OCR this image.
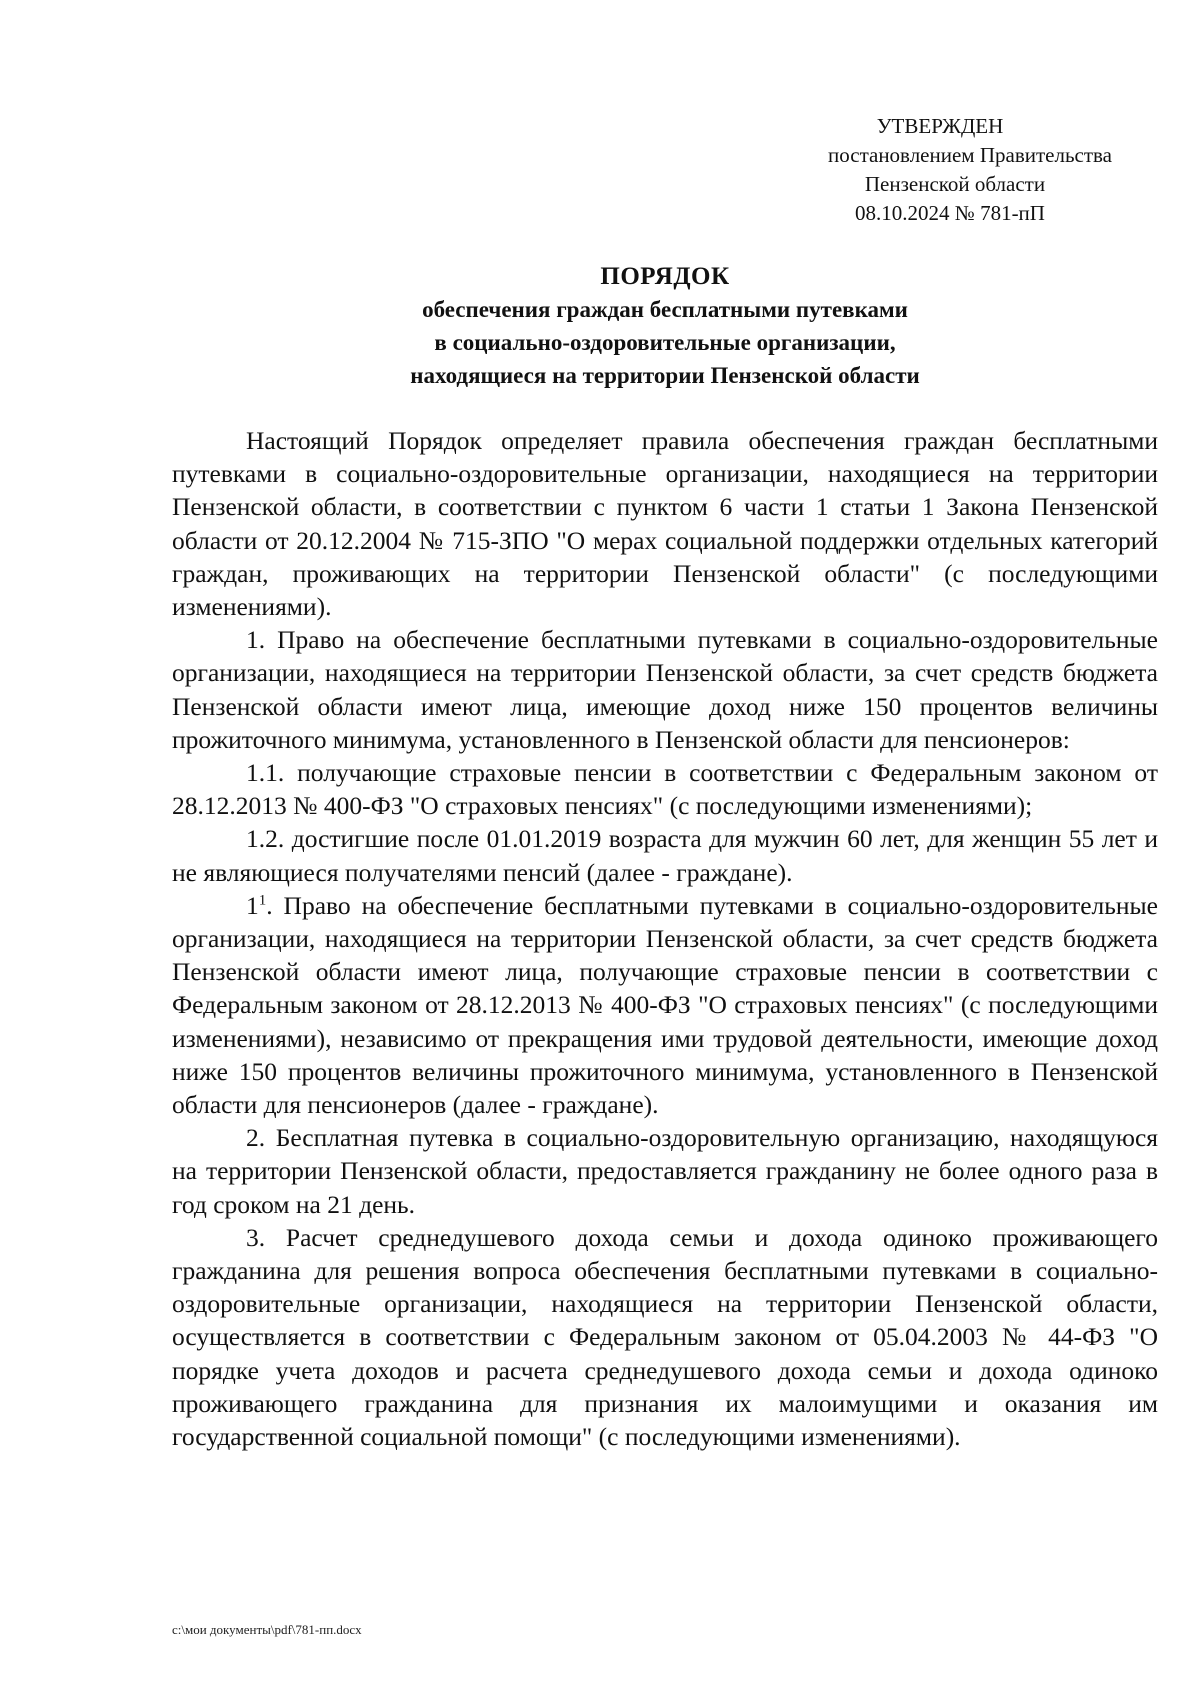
УТВЕРЖДЕН
постановлением Правительства
Пензенской области
08.10.2024 № 781-пП
ПОРЯДОК
обеспечения граждан бесплатными путевками
в социально-оздоровительные организации,
находящиеся на территории Пензенской области

Настоящий Порядок определяет правила обеспечения граждан бесплатными путевками в социально-оздоровительные организации, находящиеся на территории Пензенской области, в соответствии с пунктом 6 части 1 статьи 1 Закона Пензенской области от 20.12.2004 № 715-ЗПО "О мерах социальной поддержки отдельных категорий граждан, проживающих на территории Пензенской области" (с последующими изменениями).

1. Право на обеспечение бесплатными путевками в социально-оздоровительные организации, находящиеся на территории Пензенской области, за счет средств бюджета Пензенской области имеют лица, имеющие доход ниже 150 процентов величины прожиточного минимума, установленного в Пензенской области для пенсионеров:

1.1. получающие страховые пенсии в соответствии с Федеральным законом от 28.12.2013 № 400-ФЗ "О страховых пенсиях" (с последующими изменениями);

1.2. достигшие после 01.01.2019 возраста для мужчин 60 лет, для женщин 55 лет и не являющиеся получателями пенсий (далее - граждане).

$1^1$. Право на обеспечение бесплатными путевками в социально-оздоровительные организации, находящиеся на территории Пензенской области, за счет средств бюджета Пензенской области имеют лица, получающие страховые пенсии в соответствии с Федеральным законом от 28.12.2013 № 400-ФЗ "О страховых пенсиях" (с последующими изменениями), независимо от прекращения ими трудовой деятельности, имеющие доход ниже 150 процентов величины прожиточного минимума, установленного в Пензенской области для пенсионеров (далее - граждане).

2. Бесплатная путевка в социально-оздоровительную организацию, находящуюся на территории Пензенской области, предоставляется гражданину не более одного раза в год сроком на 21 день.

3. Расчет среднедушевого дохода семьи и дохода одиноко проживающего гражданина для решения вопроса обеспечения бесплатными путевками в социально-оздоровительные организации, находящиеся на территории Пензенской области, осуществляется в соответствии с Федеральным законом от 05.04.2003 № 44-ФЗ "О порядке учета доходов и расчета среднедушевого дохода семьи и дохода одиноко проживающего гражданина для признания их малоимущими и оказания им государственной социальной помощи" (с последующими изменениями).

c:\мои документы\pdf\781-пп.docx
